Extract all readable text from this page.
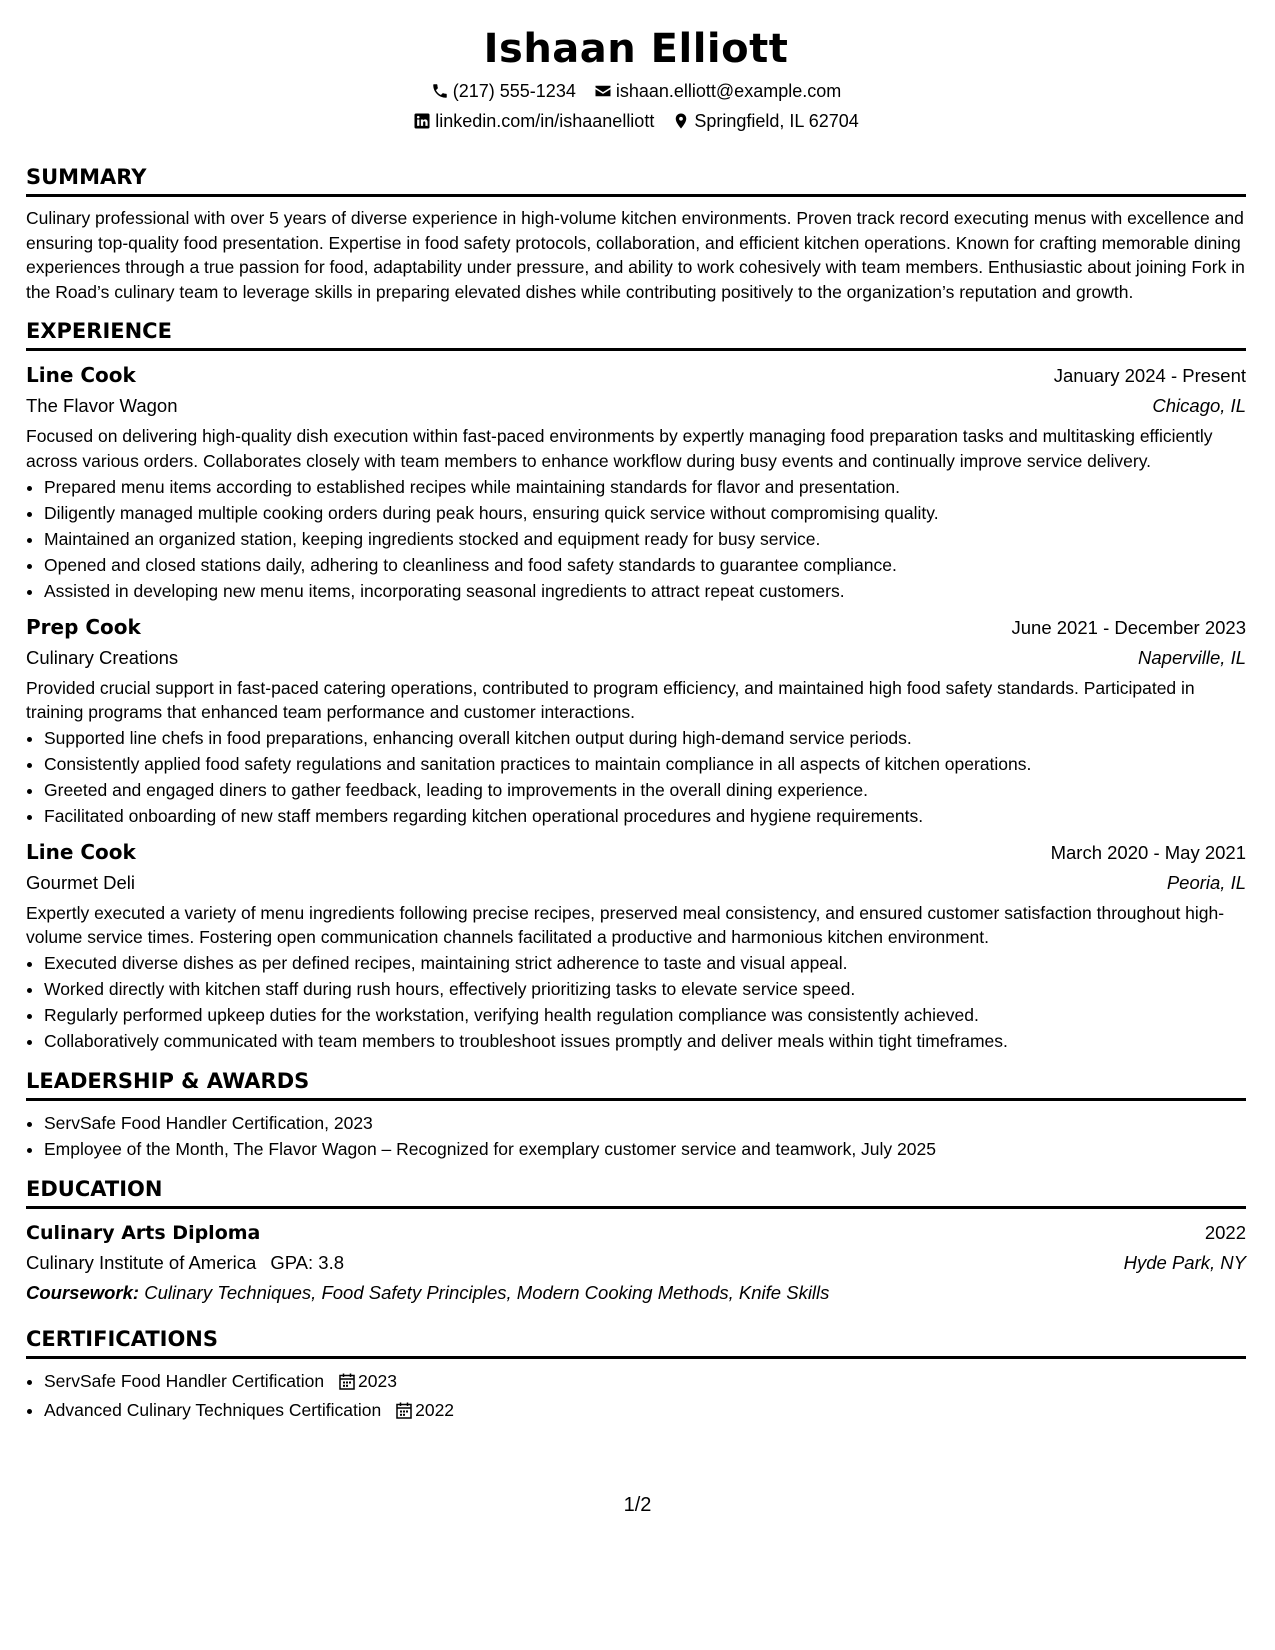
Ishaan Elliott
(217) 555-1234 ishaan.elliott@example.com
linkedin.com/in/ishaanelliott Springfield, IL 62704
SUMMARY

Culinary professional with over 5 years of diverse experience in high-volume kitchen environments. Proven track record executing menus with excellence and ensuring top-quality food presentation. Expertise in food safety protocols, collaboration, and efficient kitchen operations. Known for crafting memorable dining experiences through a true passion for food, adaptability under pressure, and ability to work cohesively with team members. Enthusiastic about joining Fork in the Road’s culinary team to leverage skills in preparing elevated dishes while contributing positively to the organization’s reputation and growth.

EXPERIENCE
Line Cook	January 2024 - Present
The Flavor Wagon	Chicago, IL

Focused on delivering high-quality dish execution within fast-paced environments by expertly managing food preparation tasks and multitasking efficiently across various orders. Collaborates closely with team members to enhance workflow during busy events and continually improve service delivery.

• Prepared menu items according to established recipes while maintaining standards for flavor and presentation.
• Diligently managed multiple cooking orders during peak hours, ensuring quick service without compromising quality.
• Maintained an organized station, keeping ingredients stocked and equipment ready for busy service.
• Opened and closed stations daily, adhering to cleanliness and food safety standards to guarantee compliance.
• Assisted in developing new menu items, incorporating seasonal ingredients to attract repeat customers.
Prep Cook	June 2021 - December 2023
Culinary Creations	Naperville, IL

Provided crucial support in fast-paced catering operations, contributed to program efficiency, and maintained high food safety standards. Participated in training programs that enhanced team performance and customer interactions.

• Supported line chefs in food preparations, enhancing overall kitchen output during high-demand service periods.
• Consistently applied food safety regulations and sanitation practices to maintain compliance in all aspects of kitchen operations.
• Greeted and engaged diners to gather feedback, leading to improvements in the overall dining experience.
• Facilitated onboarding of new staff members regarding kitchen operational procedures and hygiene requirements.
Line Cook	March 2020 - May 2021
Gourmet Deli	Peoria, IL

Expertly executed a variety of menu ingredients following precise recipes, preserved meal consistency, and ensured customer satisfaction throughout high-volume service times. Fostering open communication channels facilitated a productive and harmonious kitchen environment.

• Executed diverse dishes as per defined recipes, maintaining strict adherence to taste and visual appeal.
• Worked directly with kitchen staff during rush hours, effectively prioritizing tasks to elevate service speed.
• Regularly performed upkeep duties for the workstation, verifying health regulation compliance was consistently achieved.
• Collaboratively communicated with team members to troubleshoot issues promptly and deliver meals within tight timeframes.
LEADERSHIP & AWARDS
• ServSafe Food Handler Certification, 2023
• Employee of the Month, The Flavor Wagon – Recognized for exemplary customer service and teamwork, July 2025
EDUCATION
Culinary Arts Diploma	2022
Culinary Institute of America GPA: 3.8	Hyde Park, NY
Coursework: Culinary Techniques, Food Safety Principles, Modern Cooking Methods, Knife Skills
CERTIFICATIONS
• ServSafe Food Handler Certification 2023
• Advanced Culinary Techniques Certification 2022
1/2
